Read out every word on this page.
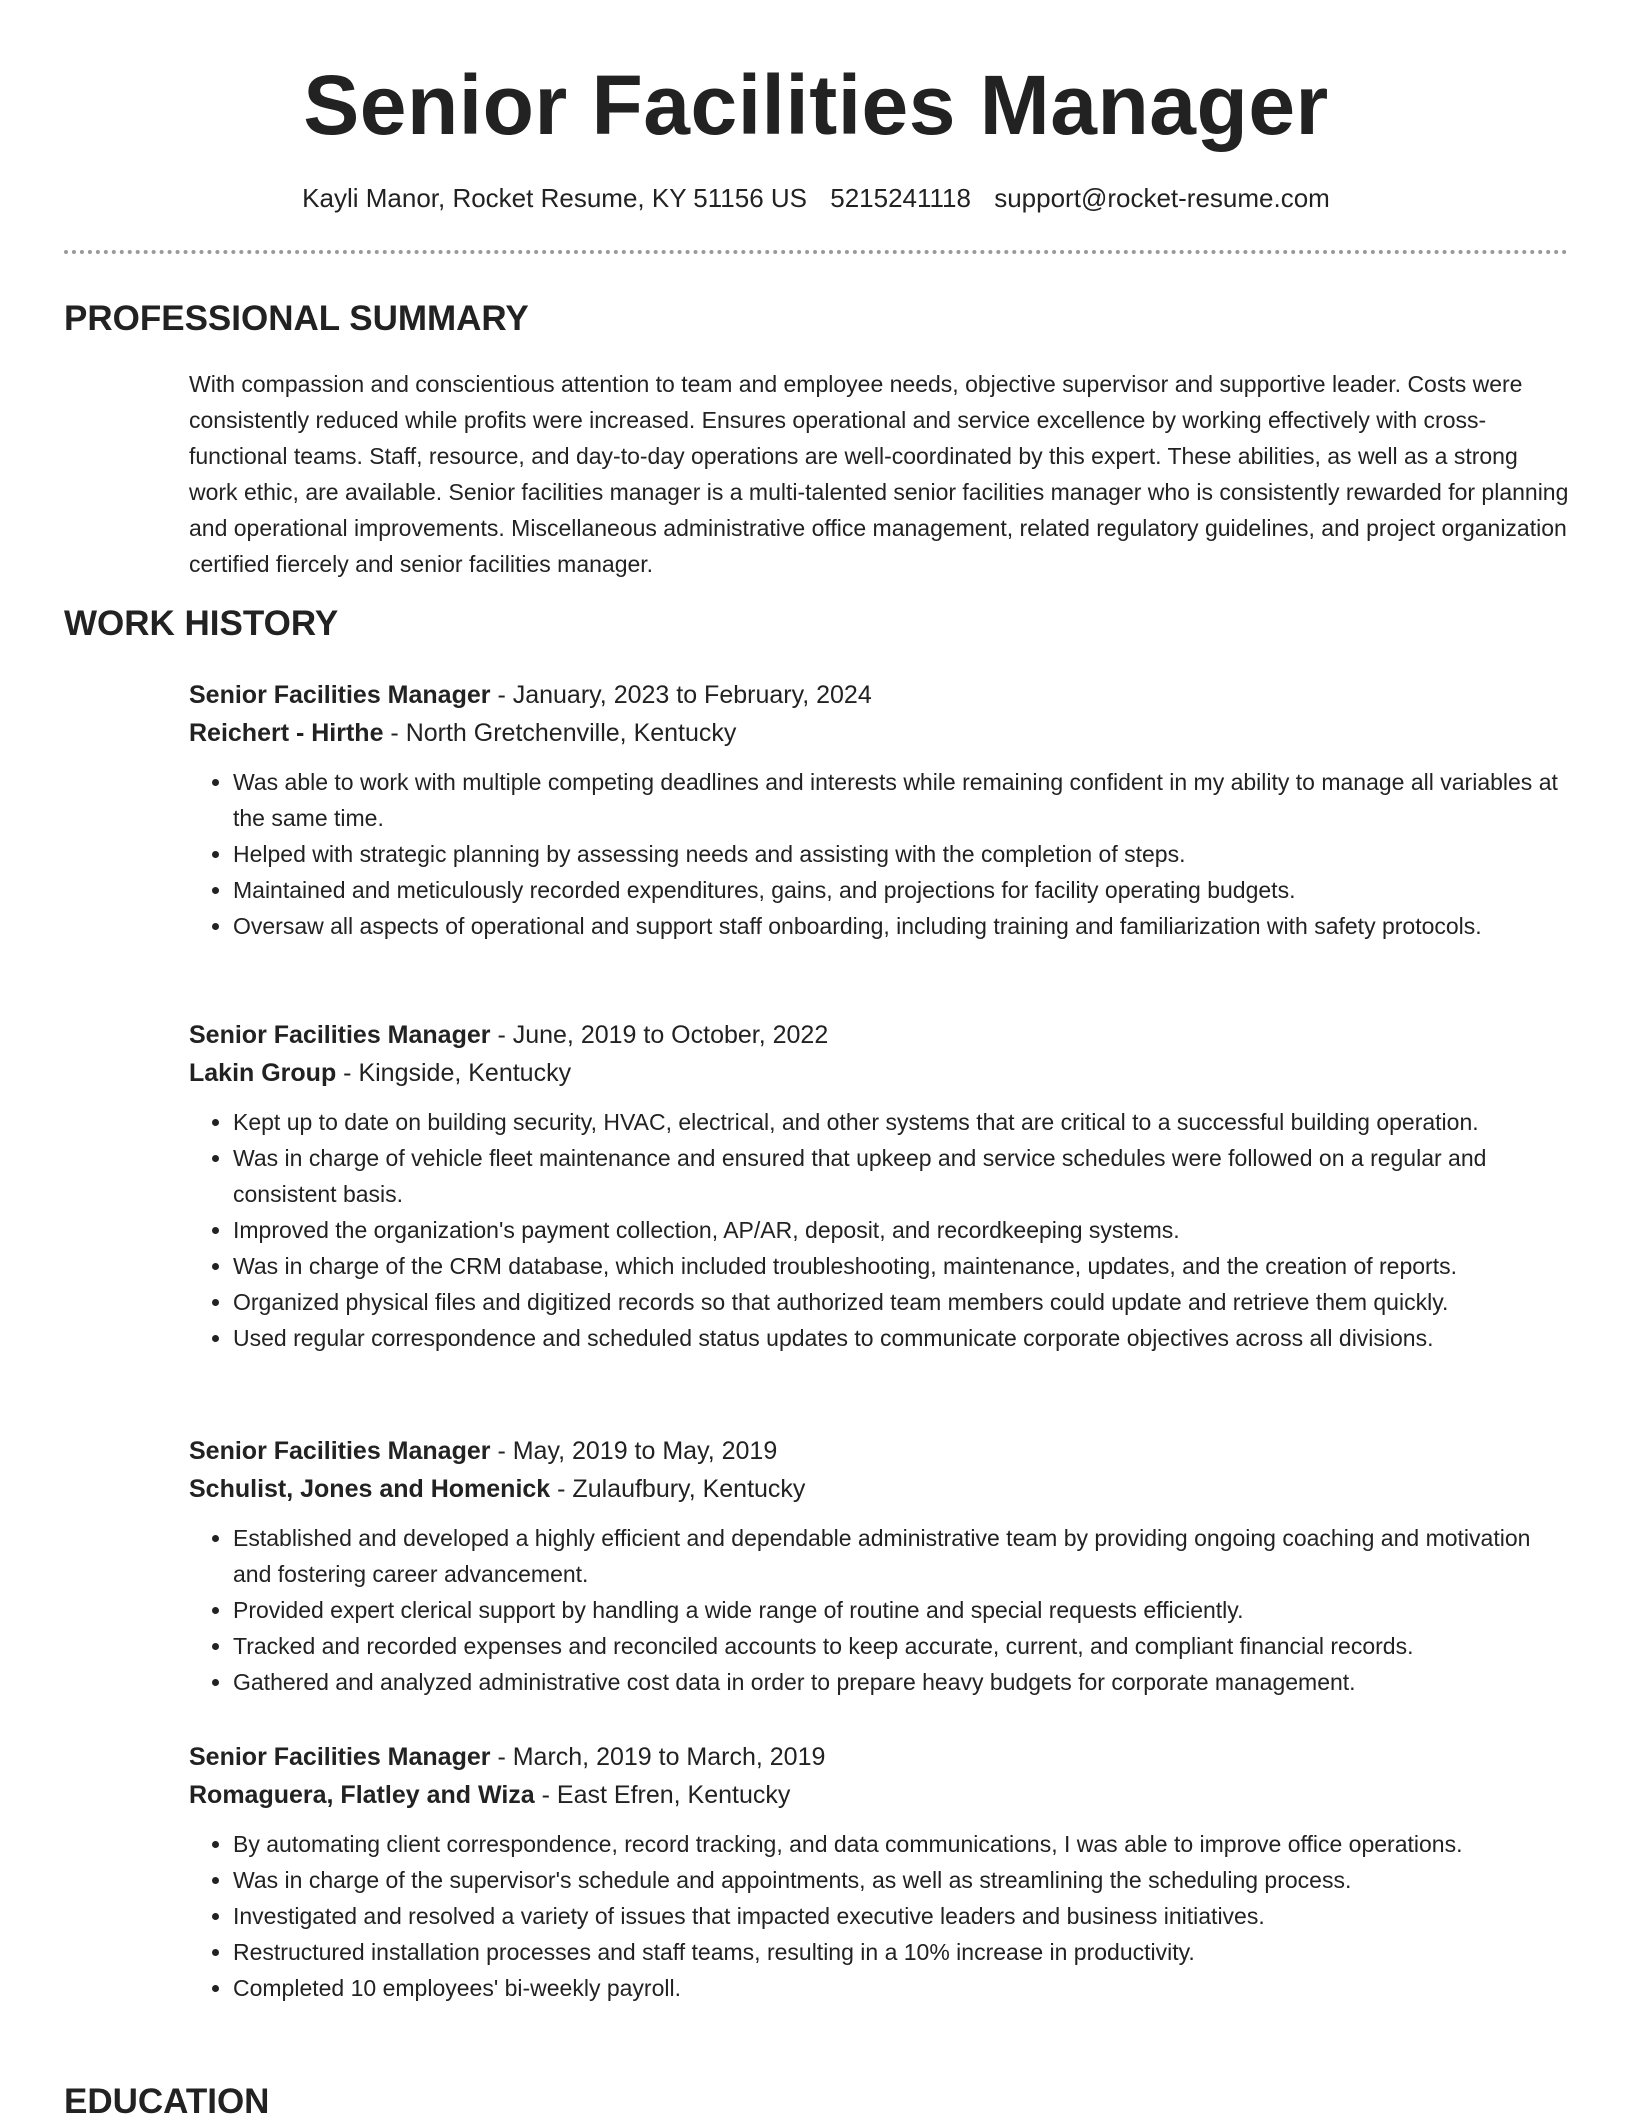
Senior Facilities Manager
Kayli Manor, Rocket Resume, KY 51156 US 5215241118 support@rocket-resume.com
PROFESSIONAL SUMMARY

With compassion and conscientious attention to team and employee needs, objective supervisor and supportive leader. Costs were consistently reduced while profits were increased. Ensures operational and service excellence by working effectively with cross-functional teams. Staff, resource, and day-to-day operations are well-coordinated by this expert. These abilities, as well as a strong work ethic, are available. Senior facilities manager is a multi-talented senior facilities manager who is consistently rewarded for planning and operational improvements. Miscellaneous administrative office management, related regulatory guidelines, and project organization certified fiercely and senior facilities manager.

WORK HISTORY

Senior Facilities Manager - January, 2023 to February, 2024

Reichert - Hirthe - North Gretchenville, Kentucky

• Was able to work with multiple competing deadlines and interests while remaining confident in my ability to manage all variables at the same time.
• Helped with strategic planning by assessing needs and assisting with the completion of steps.
• Maintained and meticulously recorded expenditures, gains, and projections for facility operating budgets.
• Oversaw all aspects of operational and support staff onboarding, including training and familiarization with safety protocols.

Senior Facilities Manager - June, 2019 to October, 2022

Lakin Group - Kingside, Kentucky

• Kept up to date on building security, HVAC, electrical, and other systems that are critical to a successful building operation.
• Was in charge of vehicle fleet maintenance and ensured that upkeep and service schedules were followed on a regular and consistent basis.
• Improved the organization's payment collection, AP/AR, deposit, and recordkeeping systems.
• Was in charge of the CRM database, which included troubleshooting, maintenance, updates, and the creation of reports.
• Organized physical files and digitized records so that authorized team members could update and retrieve them quickly.
• Used regular correspondence and scheduled status updates to communicate corporate objectives across all divisions.

Senior Facilities Manager - May, 2019 to May, 2019

Schulist, Jones and Homenick - Zulaufbury, Kentucky

• Established and developed a highly efficient and dependable administrative team by providing ongoing coaching and motivation and fostering career advancement.
• Provided expert clerical support by handling a wide range of routine and special requests efficiently.
• Tracked and recorded expenses and reconciled accounts to keep accurate, current, and compliant financial records.
• Gathered and analyzed administrative cost data in order to prepare heavy budgets for corporate management.

Senior Facilities Manager - March, 2019 to March, 2019

Romaguera, Flatley and Wiza - East Efren, Kentucky

• By automating client correspondence, record tracking, and data communications, I was able to improve office operations.
• Was in charge of the supervisor's schedule and appointments, as well as streamlining the scheduling process.
• Investigated and resolved a variety of issues that impacted executive leaders and business initiatives.
• Restructured installation processes and staff teams, resulting in a 10% increase in productivity.
• Completed 10 employees' bi-weekly payroll.
EDUCATION
